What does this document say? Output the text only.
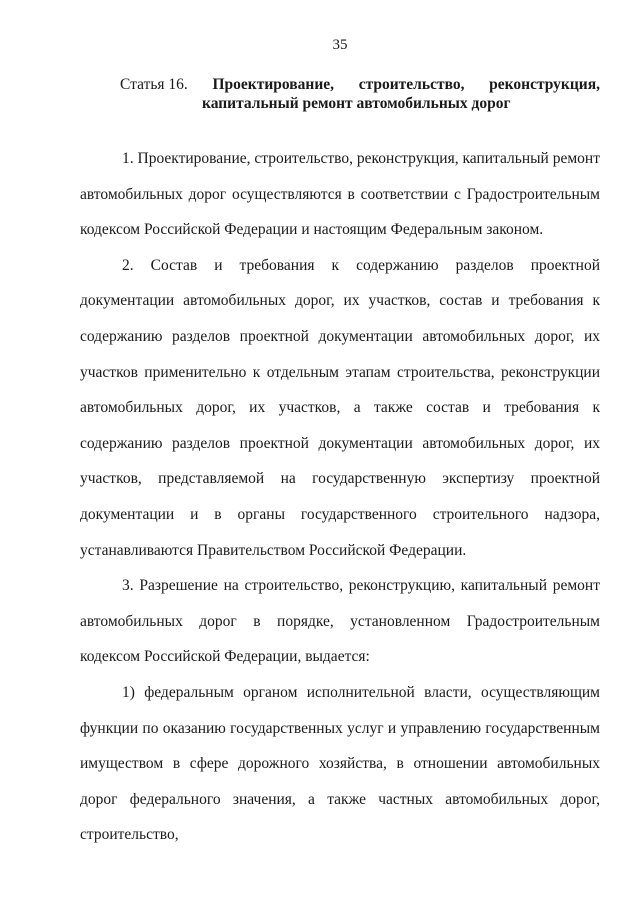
35
Статья 16. Проектирование, строительство, реконструкция,
капитальный ремонт автомобильных дорог

1. Проектирование, строительство, реконструкция, капитальный ремонт автомобильных дорог осуществляются в соответствии с Градостроительным кодексом Российской Федерации и настоящим Федеральным законом.

2. Состав и требования к содержанию разделов проектной документации автомобильных дорог, их участков, состав и требования к содержанию разделов проектной документации автомобильных дорог, их участков применительно к отдельным этапам строительства, реконструкции автомобильных дорог, их участков, а также состав и требования к содержанию разделов проектной документации автомобильных дорог, их участков, представляемой на государственную экспертизу проектной документации и в органы государственного строительного надзора, устанавливаются Правительством Российской Федерации.

3. Разрешение на строительство, реконструкцию, капитальный ремонт автомобильных дорог в порядке, установленном Градостроительным кодексом Российской Федерации, выдается:

1) федеральным органом исполнительной власти, осуществляющим функции по оказанию государственных услуг и управлению государственным имуществом в сфере дорожного хозяйства, в отношении автомобильных дорог федерального значения, а также частных автомобильных дорог, строительство,
